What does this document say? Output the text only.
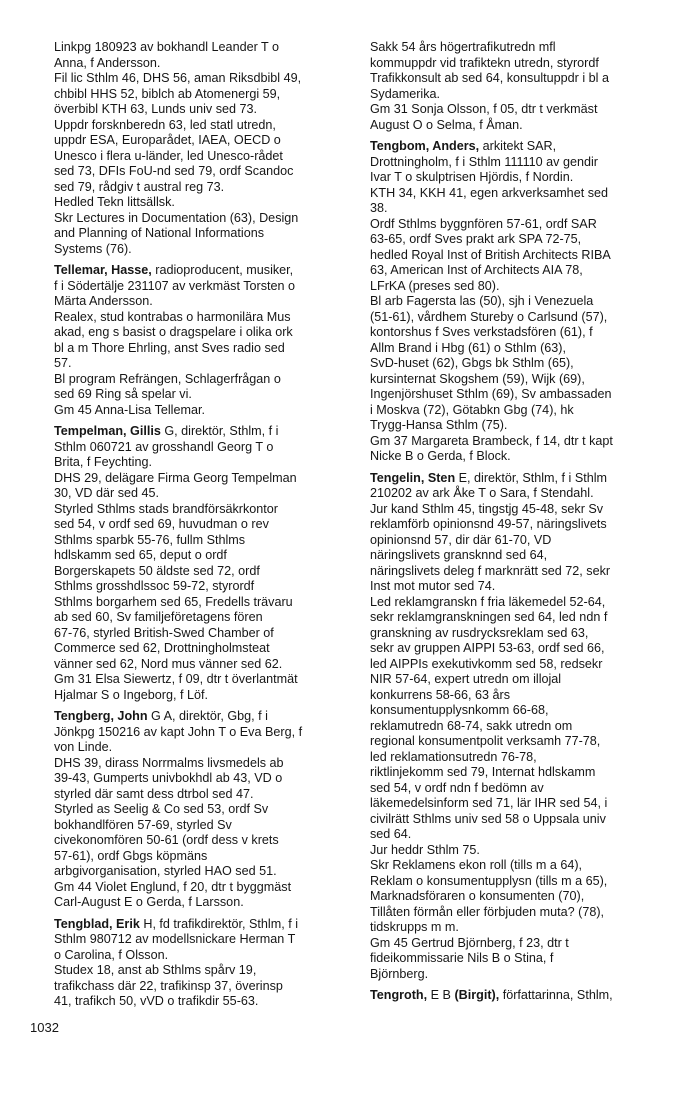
Linkpg 180923 av bokhandl Leander T o
Anna, f Andersson.
Fil lic Sthlm 46, DHS 56, aman Riksdbibl 49,
chbibl HHS 52, biblch ab Atomenergi 59,
överbibl KTH 63, Lunds univ sed 73.
Uppdr forsknberedn 63, led statl utredn,
uppdr ESA, Europarådet, IAEA, OECD o
Unesco i flera u-länder, led Unesco-rådet
sed 73, DFIs FoU-nd sed 79, ordf Scandoc
sed 79, rådgiv t austral reg 73.
Hedled Tekn littsällsk.
Skr Lectures in Documentation (63), Design
and Planning of National Informations
Systems (76).
Tellemar, Hasse, radioproducent, musiker,
f i Södertälje 231107 av verkmäst Torsten o
Märta Andersson.
Realex, stud kontrabas o harmonilära Mus
akad, eng s basist o dragspelare i olika ork
bl a m Thore Ehrling, anst Sves radio sed
57.
Bl program Refrängen, Schlagerfrågan o
sed 69 Ring så spelar vi.
Gm 45 Anna-Lisa Tellemar.
Tempelman, Gillis G, direktör, Sthlm, f i
Sthlm 060721 av grosshandl Georg T o
Brita, f Feychting.
DHS 29, delägare Firma Georg Tempelman
30, VD där sed 45.
Styrled Sthlms stads brandförsäkrkontor
sed 54, v ordf sed 69, huvudman o rev
Sthlms sparbk 55-76, fullm Sthlms
hdlskamm sed 65, deput o ordf
Borgerskapets 50 äldste sed 72, ordf
Sthlms grosshdlssoc 59-72, styrordf
Sthlms borgarhem sed 65, Fredells trävaru
ab sed 60, Sv familjeföretagens fören
67-76, styrled British-Swed Chamber of
Commerce sed 62, Drottningholmsteat
vänner sed 62, Nord mus vänner sed 62.
Gm 31 Elsa Siewertz, f 09, dtr t överlantmät
Hjalmar S o Ingeborg, f Löf.
Tengberg, John G A, direktör, Gbg, f i
Jönkpg 150216 av kapt John T o Eva Berg, f
von Linde.
DHS 39, dirass Norrmalms livsmedels ab
39-43, Gumperts univbokhdl ab 43, VD o
styrled där samt dess dtrbol sed 47.
Styrled as Seelig & Co sed 53, ordf Sv
bokhandlfören 57-69, styrled Sv
civekonomfören 50-61 (ordf dess v krets
57-61), ordf Gbgs köpmäns
arbgivorganisation, styrled HAO sed 51.
Gm 44 Violet Englund, f 20, dtr t byggmäst
Carl-August E o Gerda, f Larsson.
Tengblad, Erik H, fd trafikdirektör, Sthlm, f i
Sthlm 980712 av modellsnickare Herman T
o Carolina, f Olsson.
Studex 18, anst ab Sthlms spårv 19,
trafikchass där 22, trafikinsp 37, överinsp
41, trafikch 50, vVD o trafikdir 55-63.
Sakk 54 års högertrafikutredn mfl
kommuppdr vid trafiktekn utredn, styrordf
Trafikkonsult ab sed 64, konsultuppdr i bl a
Sydamerika.
Gm 31 Sonja Olsson, f 05, dtr t verkmäst
August O o Selma, f Åman.
Tengbom, Anders, arkitekt SAR,
Drottningholm, f i Sthlm 111110 av gendir
Ivar T o skulptrisen Hjördis, f Nordin.
KTH 34, KKH 41, egen arkverksamhet sed
38.
Ordf Sthlms byggnfören 57-61, ordf SAR
63-65, ordf Sves prakt ark SPA 72-75,
hedled Royal Inst of British Architects RIBA
63, American Inst of Architects AIA 78,
LFrKA (preses sed 80).
Bl arb Fagersta las (50), sjh i Venezuela
(51-61), vårdhem Stureby o Carlsund (57),
kontorshus f Sves verkstadsfören (61), f
Allm Brand i Hbg (61) o Sthlm (63),
SvD-huset (62), Gbgs bk Sthlm (65),
kursinternat Skogshem (59), Wijk (69),
Ingenjörshuset Sthlm (69), Sv ambassaden
i Moskva (72), Götabkn Gbg (74), hk
Trygg-Hansa Sthlm (75).
Gm 37 Margareta Brambeck, f 14, dtr t kapt
Nicke B o Gerda, f Block.
Tengelin, Sten E, direktör, Sthlm, f i Sthlm
210202 av ark Åke T o Sara, f Stendahl.
Jur kand Sthlm 45, tingstjg 45-48, sekr Sv
reklamförb opinionsnd 49-57, näringslivets
opinionsnd 57, dir där 61-70, VD
näringslivets gransknnd sed 64,
näringslivets deleg f marknrätt sed 72, sekr
Inst mot mutor sed 74.
Led reklamgranskn f fria läkemedel 52-64,
sekr reklamgranskningen sed 64, led ndn f
granskning av rusdrycksreklam sed 63,
sekr av gruppen AIPPI 53-63, ordf sed 66,
led AIPPIs exekutivkomm sed 58, redsekr
NIR 57-64, expert utredn om illojal
konkurrens 58-66, 63 års
konsumentupplysnkomm 66-68,
reklamutredn 68-74, sakk utredn om
regional konsumentpolit verksamh 77-78,
led reklamationsutredn 76-78,
riktlinjekomm sed 79, Internat hdlskamm
sed 54, v ordf ndn f bedömn av
läkemedelsinform sed 71, lär IHR sed 54, i
civilrätt Sthlms univ sed 58 o Uppsala univ
sed 64.
Jur heddr Sthlm 75.
Skr Reklamens ekon roll (tills m a 64),
Reklam o konsumentupplysn (tills m a 65),
Marknadsföraren o konsumenten (70),
Tillåten förmån eller förbjuden muta? (78),
tidskrupps m m.
Gm 45 Gertrud Björnberg, f 23, dtr t
fideikommissarie Nils B o Stina, f
Björnberg.
Tengroth, E B (Birgit), författarinna, Sthlm,
1032
